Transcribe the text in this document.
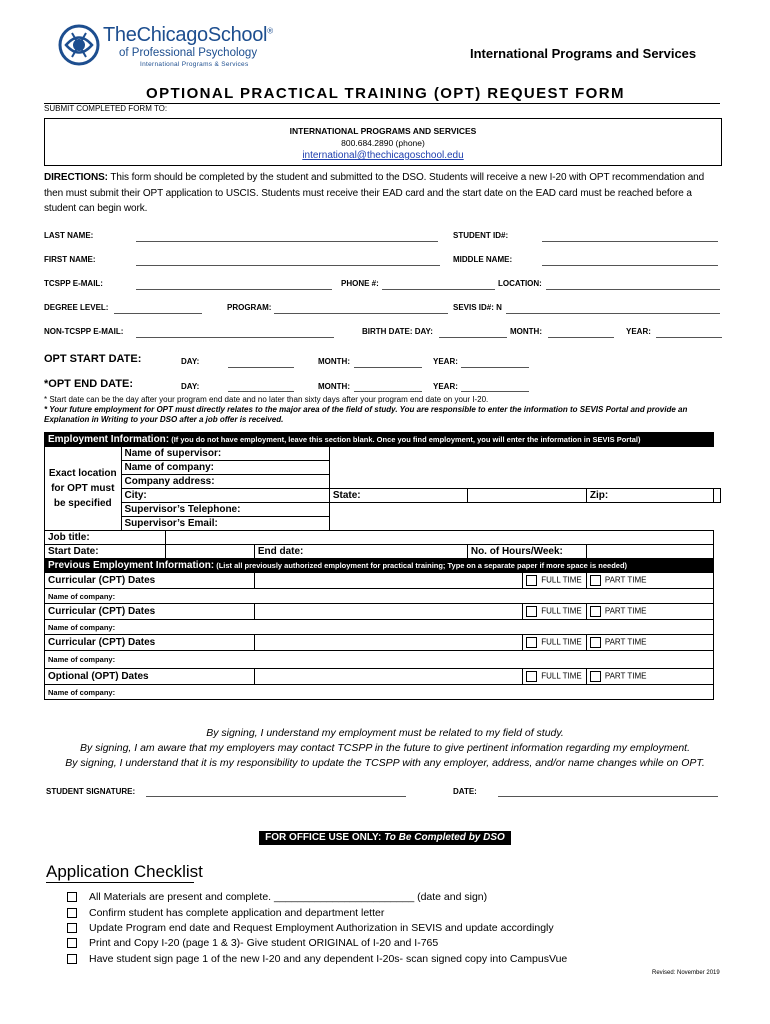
TheChicagoSchool®
of Professional Psychology
International Programs & Services
International Programs and Services
OPTIONAL PRACTICAL TRAINING (OPT) REQUEST FORM
SUBMIT COMPLETED FORM TO:
INTERNATIONAL PROGRAMS AND SERVICES
800.684.2890 (phone)
international@thechicagoschool.edu
DIRECTIONS: This form should be completed by the student and submitted to the DSO. Students will receive a new I-20 with OPT recommendation and then must submit their OPT application to USCIS. Students must receive their EAD card and the start date on the EAD card must be reached before a student can begin work.
LAST NAME:	STUDENT ID#:
FIRST NAME:	MIDDLE NAME:
TCSPP E-MAIL:	PHONE #:	LOCATION:
DEGREE LEVEL:	PROGRAM:	SEVIS ID#: N
NON-TCSPP E-MAIL:	BIRTH DATE: DAY:	MONTH:	YEAR:
OPT START DATE:	DAY:	MONTH:	YEAR:
*OPT END DATE:	DAY:	MONTH:	YEAR:
* Start date can be the day after your program end date and no later than sixty days after your program end date on your I-20.
* Your future employment for OPT must directly relates to the major area of the field of study. You are responsible to enter the information to SEVIS Portal and provide an Explanation in Writing to your DSO after a job offer is received.
Employment Information: (If you do not have employment, leave this section blank. Once you find employment, you will enter the information in SEVIS Portal)								
Exact location for OPT must be specified	Name of supervisor:							
	Name of company:							
	Company address:							
	City:			State:			Zip:	
	Supervisor’s Telephone:							
	Supervisor’s Email:							
Job title:								
Start Date:			End date:		No. of Hours/Week:			
Previous Employment Information: (List all previously authorized employment for practical training; Type on a separate paper if more space is needed)								
Curricular (CPT) Dates						FULL TIME	PART TIME	
Name of company:								
Curricular (CPT) Dates						FULL TIME	PART TIME	
Name of company:								
Curricular (CPT) Dates						FULL TIME	PART TIME	
Name of company:								
Optional (OPT) Dates						FULL TIME	PART TIME	
Name of company:								
By signing, I understand my employment must be related to my field of study.
By signing, I am aware that my employers may contact TCSPP in the future to give pertinent information regarding my employment.
By signing, I understand that it is my responsibility to update the TCSPP with any employer, address, and/or name changes while on OPT.
STUDENT SIGNATURE:	DATE:
FOR OFFICE USE ONLY: To Be Completed by DSO
Application Checklist
All Materials are present and complete. ________________________ (date and sign)
Confirm student has complete application and department letter
Update Program end date and Request Employment Authorization in SEVIS and update accordingly
Print and Copy I-20 (page 1 & 3)- Give student ORIGINAL of I-20 and I-765
Have student sign page 1 of the new I-20 and any dependent I-20s- scan signed copy into CampusVue
Revised: November 2019
